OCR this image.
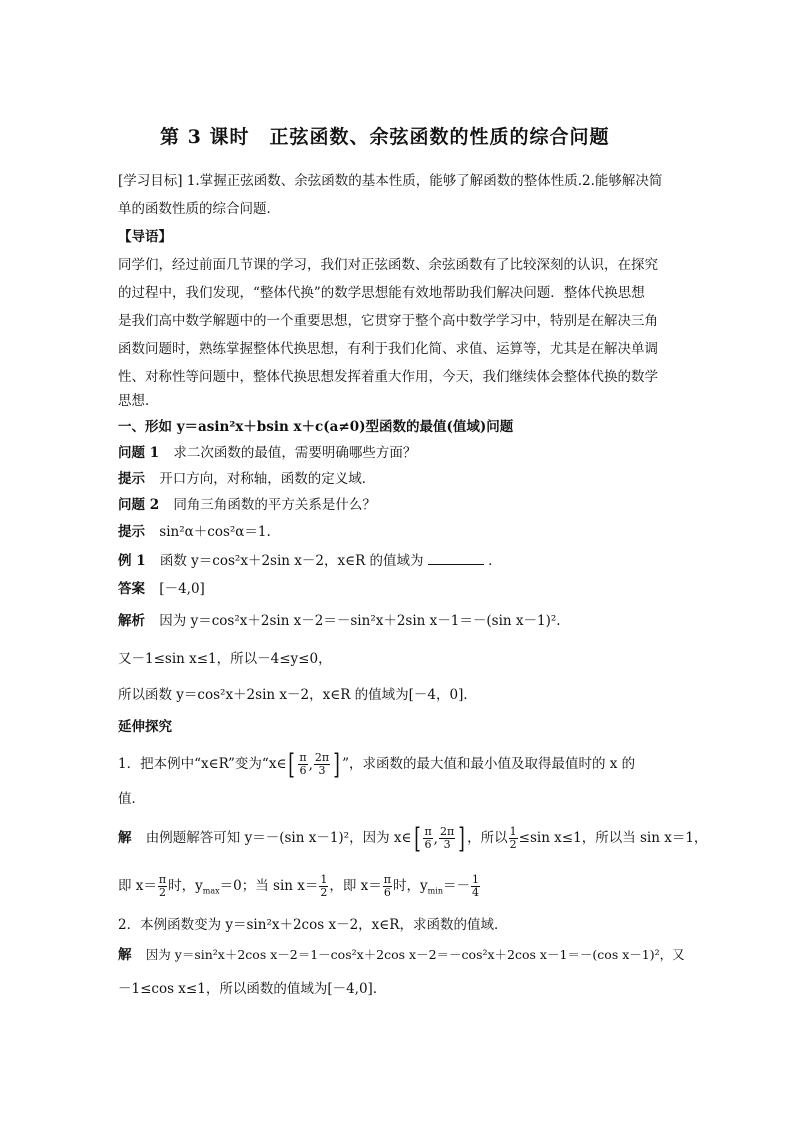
第 3 课时　正弦函数、余弦函数的性质的综合问题
[学习目标] 1.掌握正弦函数、余弦函数的基本性质，能够了解函数的整体性质.2.能够解决简
单的函数性质的综合问题．
【导语】
同学们，经过前面几节课的学习，我们对正弦函数、余弦函数有了比较深刻的认识，在探究
的过程中，我们发现，“整体代换”的数学思想能有效地帮助我们解决问题．整体代换思想
是我们高中数学解题中的一个重要思想，它贯穿于整个高中数学学习中，特别是在解决三角
函数问题时，熟练掌握整体代换思想，有利于我们化简、求值、运算等，尤其是在解决单调
性、对称性等问题中，整体代换思想发挥着重大作用，今天，我们继续体会整体代换的数学
思想．
一、形如 y＝asin²x＋bsin x＋c(a≠0)型函数的最值(值域)问题
问题 1 求二次函数的最值，需要明确哪些方面？
提示 开口方向，对称轴，函数的定义域．
问题 2 同角三角函数的平方关系是什么？
提示 sin²α＋cos²α＝1.
例 1 函数 y＝cos²x＋2sin x－2，x∈R 的值域为	．
答案 [－4,0]
解析 因为 y＝cos²x＋2sin x－2＝－sin²x＋2sin x－1＝－(sin x－1)².
又－1≤sin x≤1，所以－4≤y≤0，
所以函数 y＝cos²x＋2sin x－2，x∈R 的值域为[－4，0]．
延伸探究
1．把本例中“x∈R”变为“x∈ [ $\frac{\pi}{6}$ , $\frac{2\pi}{3}$ ] ”，求函数的最大值和最小值及取得最值时的 x 的
值．
解 由例题解答可知 y＝－(sin x－1)²，因为 x∈ [ $\frac{\pi}{6}$ , $\frac{2\pi}{3}$ ] ，所以 $\frac{1}{2} \le\sin$ x≤1，所以当 sin x＝1，
即 $x= \frac{\pi}{2}$ 时，$y_{max}=0$；当 $\sin x= \frac{1}{2}$ ，即 $x= \frac{\pi}{6}$ 时，$y_{min}=- \frac{1}{4}$
2．本例函数变为 y＝sin²x＋2cos x－2，x∈R，求函数的值域．
解 因为 y＝sin²x＋2cos x－2＝1－cos²x＋2cos x－2＝－cos²x＋2cos x－1＝－(cos x－1)²，又
－1≤cos x≤1，所以函数的值域为[－4,0]．
